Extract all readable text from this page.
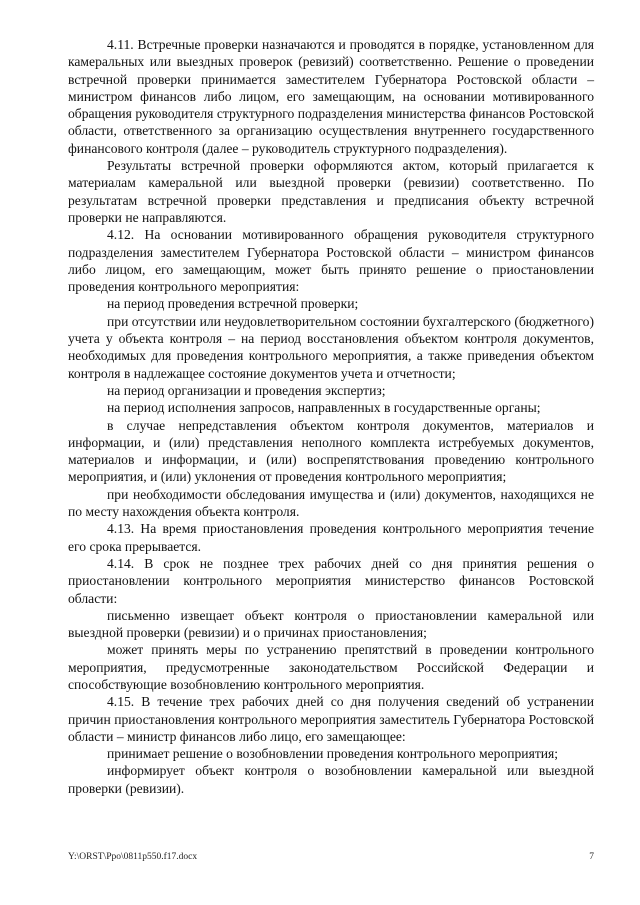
4.11. Встречные проверки назначаются и проводятся в порядке, установленном для камеральных или выездных проверок (ревизий) соответственно. Решение о проведении встречной проверки принимается заместителем Губернатора Ростовской области – министром финансов либо лицом, его замещающим, на основании мотивированного обращения руководителя структурного подразделения министерства финансов Ростовской области, ответственного за организацию осуществления внутреннего государственного финансового контроля (далее – руководитель структурного подразделения).

Результаты встречной проверки оформляются актом, который прилагается к материалам камеральной или выездной проверки (ревизии) соответственно. По результатам встречной проверки представления и предписания объекту встречной проверки не направляются.

4.12. На основании мотивированного обращения руководителя структурного подразделения заместителем Губернатора Ростовской области – министром финансов либо лицом, его замещающим, может быть принято решение о приостановлении проведения контрольного мероприятия:

на период проведения встречной проверки;

при отсутствии или неудовлетворительном состоянии бухгалтерского (бюджетного) учета у объекта контроля – на период восстановления объектом контроля документов, необходимых для проведения контрольного мероприятия, а также приведения объектом контроля в надлежащее состояние документов учета и отчетности;

на период организации и проведения экспертиз;

на период исполнения запросов, направленных в государственные органы;

в случае непредставления объектом контроля документов, материалов и информации, и (или) представления неполного комплекта истребуемых документов, материалов и информации, и (или) воспрепятствования проведению контрольного мероприятия, и (или) уклонения от проведения контрольного мероприятия;

при необходимости обследования имущества и (или) документов, находящихся не по месту нахождения объекта контроля.

4.13. На время приостановления проведения контрольного мероприятия течение его срока прерывается.

4.14. В срок не позднее трех рабочих дней со дня принятия решения о приостановлении контрольного мероприятия министерство финансов Ростовской области:

письменно извещает объект контроля о приостановлении камеральной или выездной проверки (ревизии) и о причинах приостановления;

может принять меры по устранению препятствий в проведении контрольного мероприятия, предусмотренные законодательством Российской Федерации и способствующие возобновлению контрольного мероприятия.

4.15. В течение трех рабочих дней со дня получения сведений об устранении причин приостановления контрольного мероприятия заместитель Губернатора Ростовской области – министр финансов либо лицо, его замещающее:

принимает решение о возобновлении проведения контрольного мероприятия;

информирует объект контроля о возобновлении камеральной или выездной проверки (ревизии).

Y:\ORST\Ppo\0811p550.f17.docx	7
